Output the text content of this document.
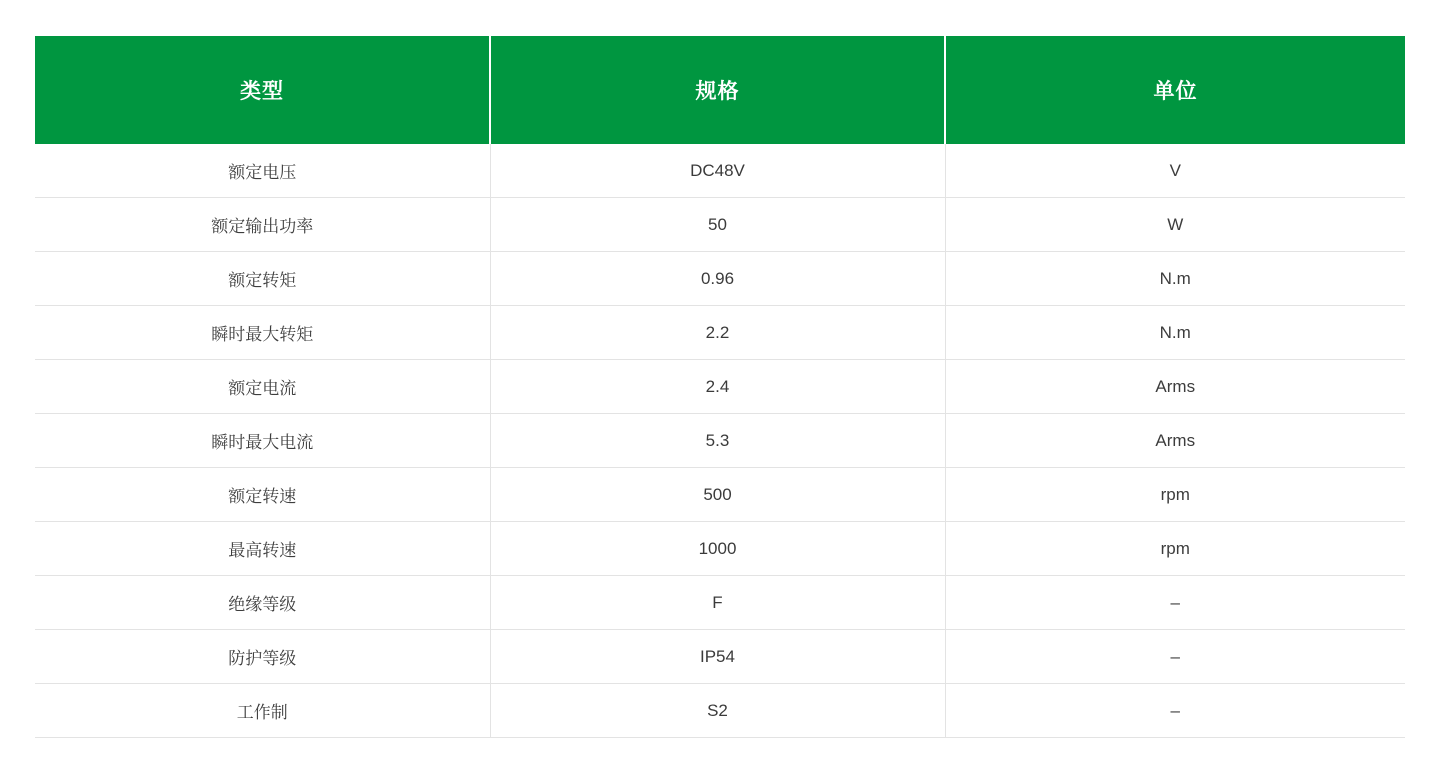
类型	规格	单位
额定电压	DC48V	V
额定输出功率	50	W
额定转矩	0.96	N.m
瞬时最大转矩	2.2	N.m
额定电流	2.4	Arms
瞬时最大电流	5.3	Arms
额定转速	500	rpm
最高转速	1000	rpm
绝缘等级	F	–
防护等级	IP54	–
工作制	S2	–
